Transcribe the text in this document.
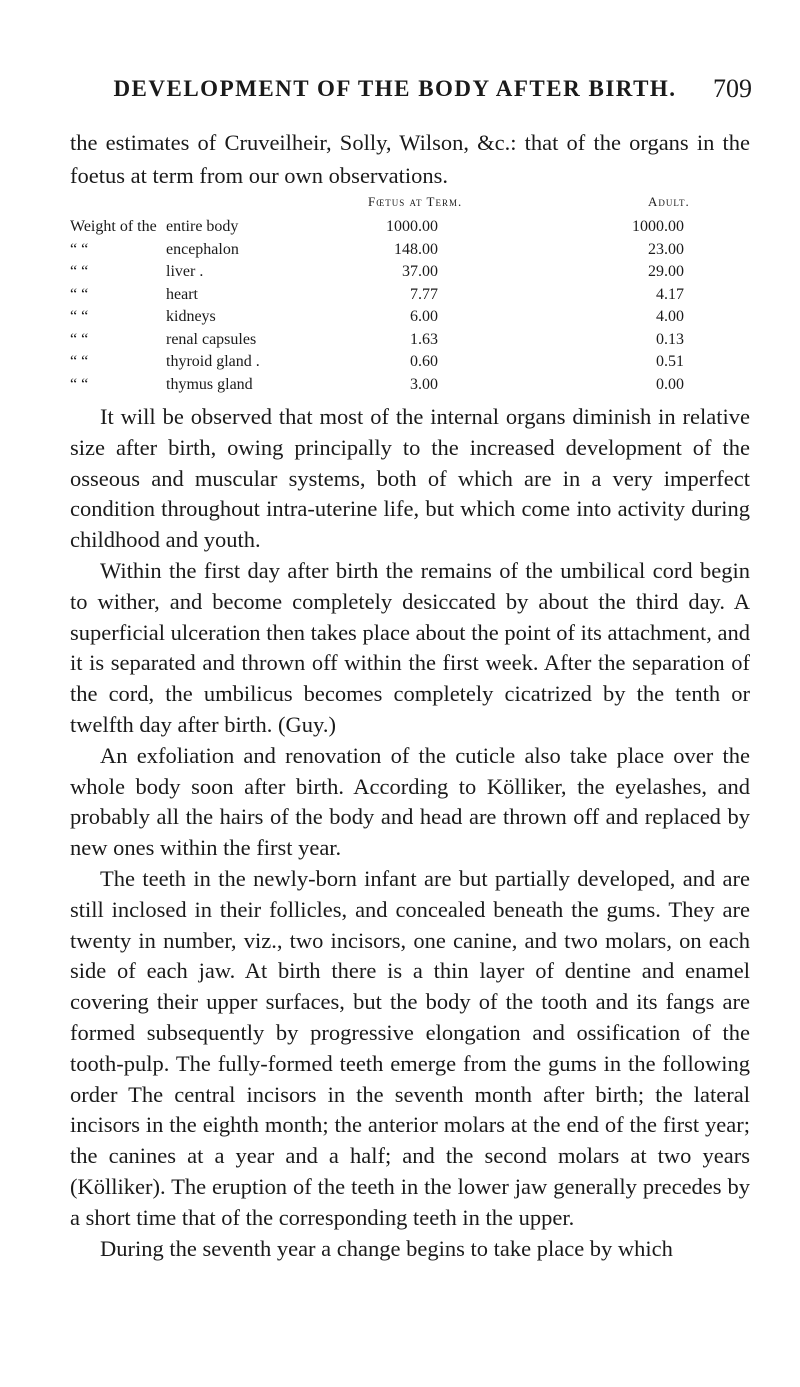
DEVELOPMENT OF THE BODY AFTER BIRTH. 709

the estimates of Cruveilheir, Solly, Wilson, &c.: that of the organs in the foetus at term from our own observations.

Fœtus at Term.	Adult.
Weight of the entire body	1000.00	1000.00
“ “	encephalon	148.00	23.00
“ “	liver .	37.00	29.00
“ “	heart	7.77	4.17
“ “	kidneys	6.00	4.00
“ “	renal capsules	1.63	0.13
“ “	thyroid gland .	0.60	0.51
“ “	thymus gland	3.00	0.00

It will be observed that most of the internal organs diminish in relative size after birth, owing principally to the increased development of the osseous and muscular systems, both of which are in a very imperfect condition throughout intra-uterine life, but which come into activity during childhood and youth.

Within the first day after birth the remains of the umbilical cord begin to wither, and become completely desiccated by about the third day. A superficial ulceration then takes place about the point of its attachment, and it is separated and thrown off within the first week. After the separation of the cord, the umbilicus becomes completely cicatrized by the tenth or twelfth day after birth. (Guy.)

An exfoliation and renovation of the cuticle also take place over the whole body soon after birth. According to Kölliker, the eyelashes, and probably all the hairs of the body and head are thrown off and replaced by new ones within the first year.

The teeth in the newly-born infant are but partially developed, and are still inclosed in their follicles, and concealed beneath the gums. They are twenty in number, viz., two incisors, one canine, and two molars, on each side of each jaw. At birth there is a thin layer of dentine and enamel covering their upper surfaces, but the body of the tooth and its fangs are formed subsequently by progressive elongation and ossification of the tooth-pulp. The fully-formed teeth emerge from the gums in the following order The central incisors in the seventh month after birth; the lateral incisors in the eighth month; the anterior molars at the end of the first year; the canines at a year and a half; and the second molars at two years (Kölliker). The eruption of the teeth in the lower jaw generally precedes by a short time that of the corresponding teeth in the upper.

During the seventh year a change begins to take place by which
